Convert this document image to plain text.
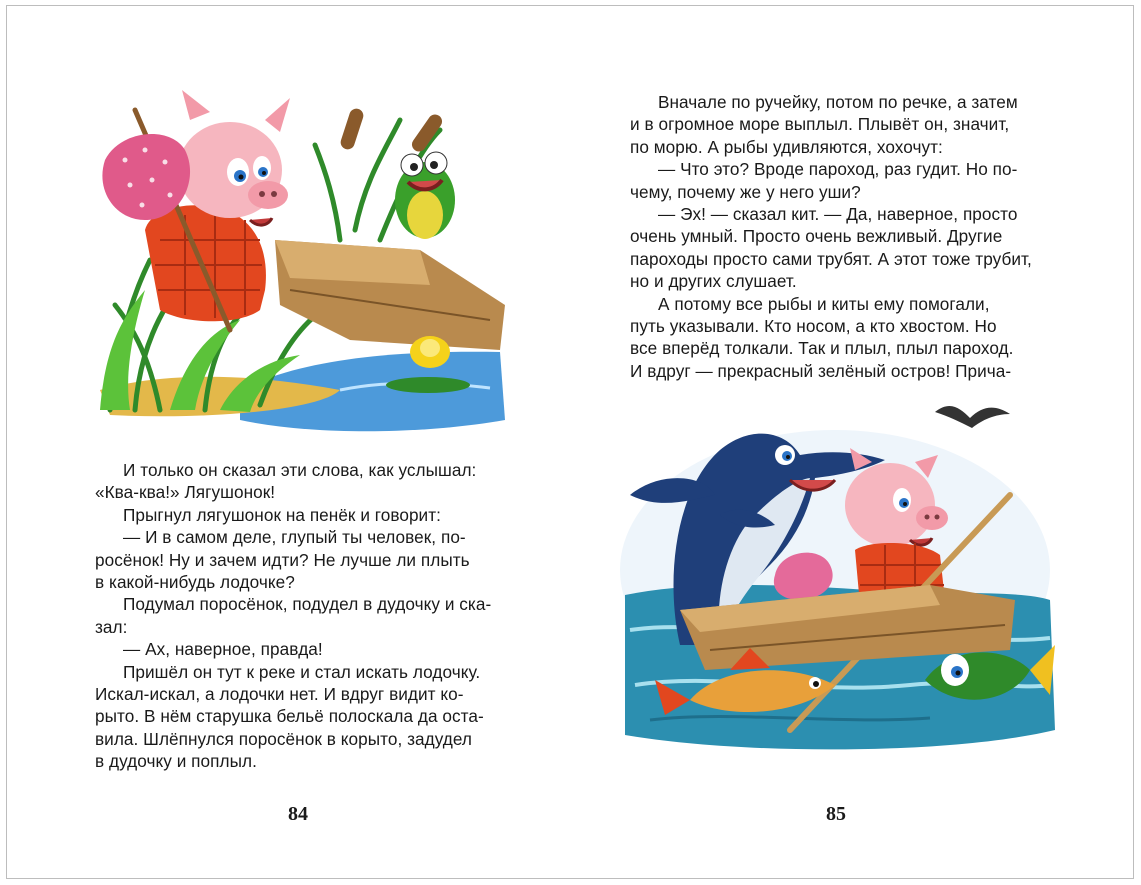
И только он сказал эти слова, как услышал:

«Ква-ква!» Лягушонок!

Прыгнул лягушонок на пенёк и говорит:

— И в самом деле, глупый ты человек, по-

росёнок! Ну и зачем идти? Не лучше ли плыть

в какой-нибудь лодочке?

Подумал поросёнок, подудел в дудочку и ска-

зал:

— Ах, наверное, правда!

Пришёл он тут к реке и стал искать лодочку.

Искал-искал, а лодочки нет. И вдруг видит ко-

рыто. В нём старушка бельё полоскала да оста-

вила. Шлёпнулся поросёнок в корыто, задудел

в дудочку и поплыл.

84

Вначале по ручейку, потом по речке, а затем

и в огромное море выплыл. Плывёт он, значит,

по морю. А рыбы удивляются, хохочут:

— Что это? Вроде пароход, раз гудит. Но по-

чему, почему же у него уши?

— Эх! — сказал кит. — Да, наверное, просто

очень умный. Просто очень вежливый. Другие

пароходы просто сами трубят. А этот тоже трубит,

но и других слушает.

А потому все рыбы и киты ему помогали,

путь указывали. Кто носом, а кто хвостом. Но

все вперёд толкали. Так и плыл, плыл пароход.

И вдруг — прекрасный зелёный остров! Прича-

85
